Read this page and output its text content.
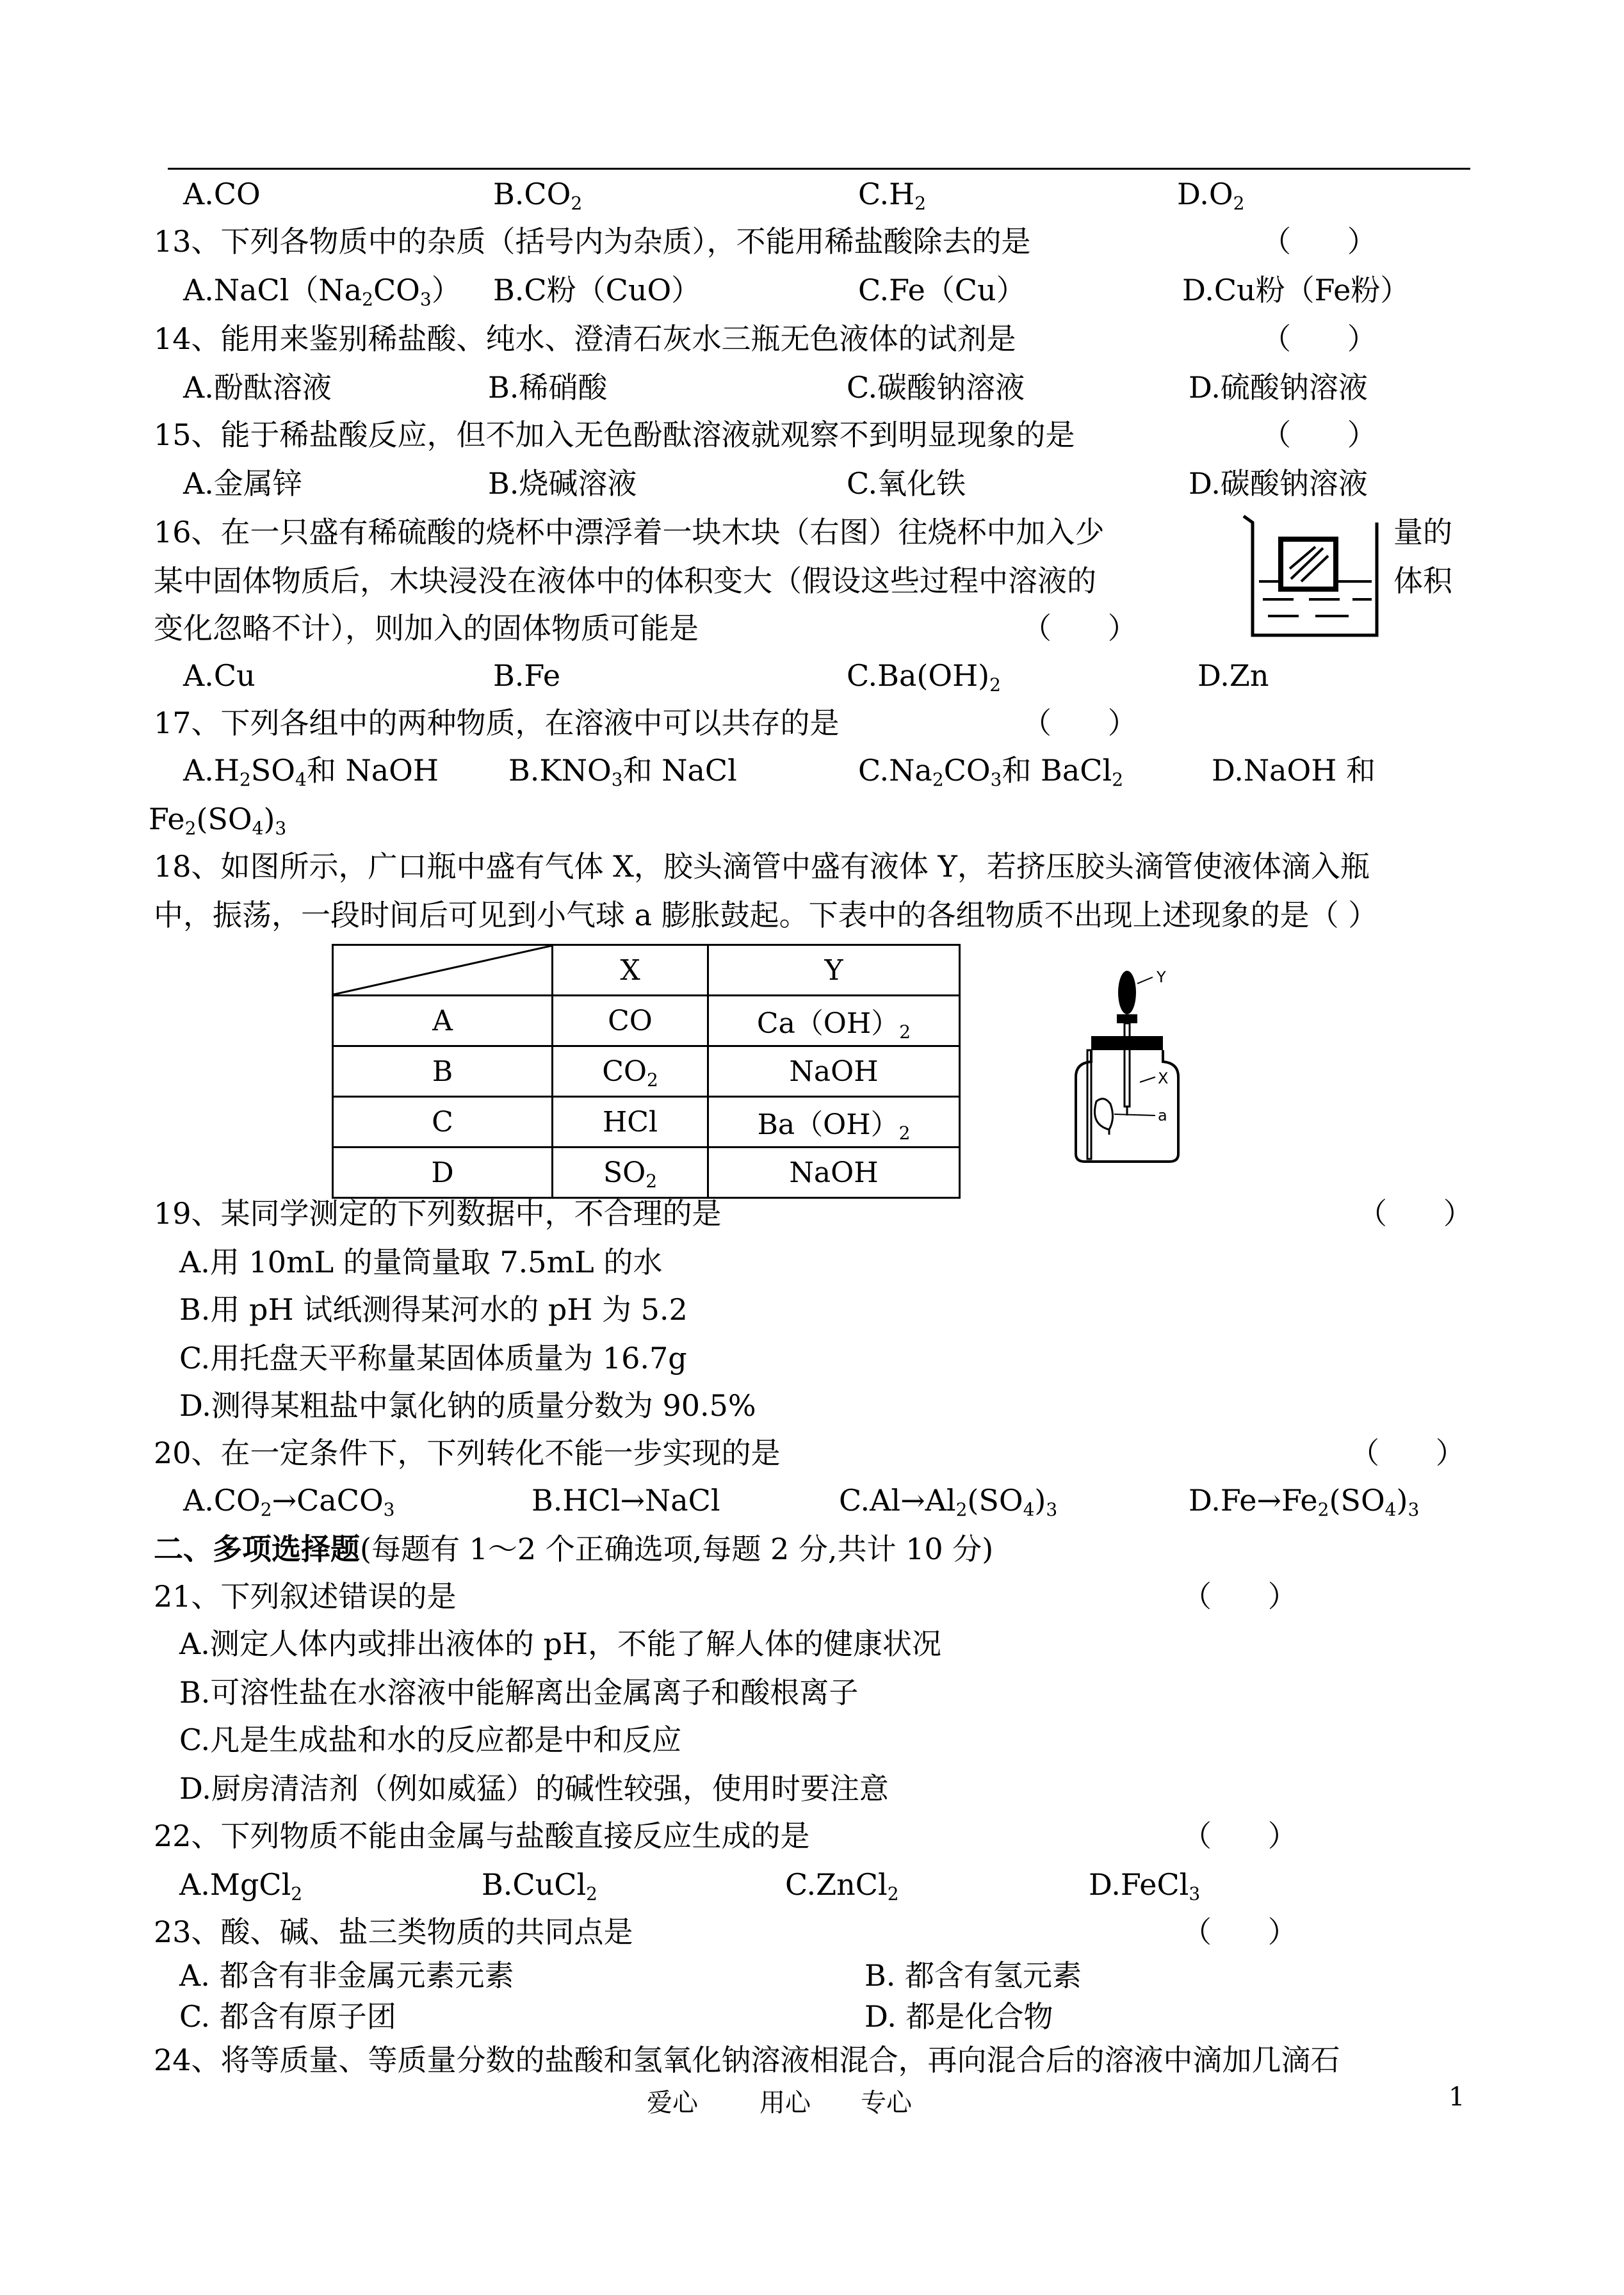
A.CO	$B.CO_2$	$C.H_2$	$D.O_2$
13、下列各物质中的杂质（括号内为杂质），不能用稀盐酸除去的是	（      ）
$A.NaCl(Na_2CO_3)$ B.C粉（CuO）	C.Fe（Cu）	D.Cu粉（Fe粉）
14、能用来鉴别稀盐酸、纯水、澄清石灰水三瓶无色液体的试剂是	（      ）
A.酚酞溶液	B.稀硝酸	C.碳酸钠溶液	D.硫酸钠溶液
15、能于稀盐酸反应，但不加入无色酚酞溶液就观察不到明显现象的是	（      ）
A.金属锌	B.烧碱溶液	C.氧化铁	D.碳酸钠溶液
16、在一只盛有稀硫酸的烧杯中漂浮着一块木块（右图）往烧杯中加入少	量的
某中固体物质后，木块浸没在液体中的体积变大（假设这些过程中溶液的	体积
变化忽略不计），则加入的固体物质可能是	（      ）
A.Cu	B.Fe	$C.Ba(OH)_2$	D.Zn
17、下列各组中的两种物质，在溶液中可以共存的是	（      ）
$A.H_2SO_4$和 NaOH $B.KNO_3$和 NaCl	$C.Na_2CO_3$和 BaCl$_2$	D.NaOH 和
$Fe_2(SO_4)_3$
18、如图所示，广口瓶中盛有气体 X，胶头滴管中盛有液体 Y，若挤压胶头滴管使液体滴入瓶
中，振荡，一段时间后可见到小气球 a 膨胀鼓起。下表中的各组物质不出现上述现象的是（ ）
	X	Y
A	CO	$Ca(OH)_2$
B	$CO_2$	NaOH
C	HCl	$Ba(OH)_2$
D	$SO_2$	NaOH
Y
X
a
19、某同学测定的下列数据中，不合理的是	（      ）
A.用 10mL 的量筒量取 7.5mL 的水
B.用 pH 试纸测得某河水的 pH 为 5.2
C.用托盘天平称量某固体质量为 16.7g
D.测得某粗盐中氯化钠的质量分数为 90.5%
20、在一定条件下，下列转化不能一步实现的是	（      ）
$A.CO_2\to CaCO_3$	B.HCl→NaCl	$C.Al\to Al_2(SO_4)_3$	$D.Fe\to Fe_2(SO_4)_3$
二、多项选择题(每题有 1～2 个正确选项,每题 2 分,共计 10 分)
21、下列叙述错误的是	（      ）
A.测定人体内或排出液体的 pH，不能了解人体的健康状况
B.可溶性盐在水溶液中能解离出金属离子和酸根离子
C.凡是生成盐和水的反应都是中和反应
D.厨房清洁剂（例如威猛）的碱性较强，使用时要注意
22、下列物质不能由金属与盐酸直接反应生成的是	（      ）
A.MgCl$_2$	B.CuCl$_2$	C.ZnCl$_2$	D.FeCl$_3$
23、酸、碱、盐三类物质的共同点是	（      ）
A. 都含有非金属元素元素	B. 都含有氢元素
C. 都含有原子团	D. 都是化合物
24、将等质量、等质量分数的盐酸和氢氧化钠溶液相混合，再向混合后的溶液中滴加几滴石
爱心 用心 专心	1
